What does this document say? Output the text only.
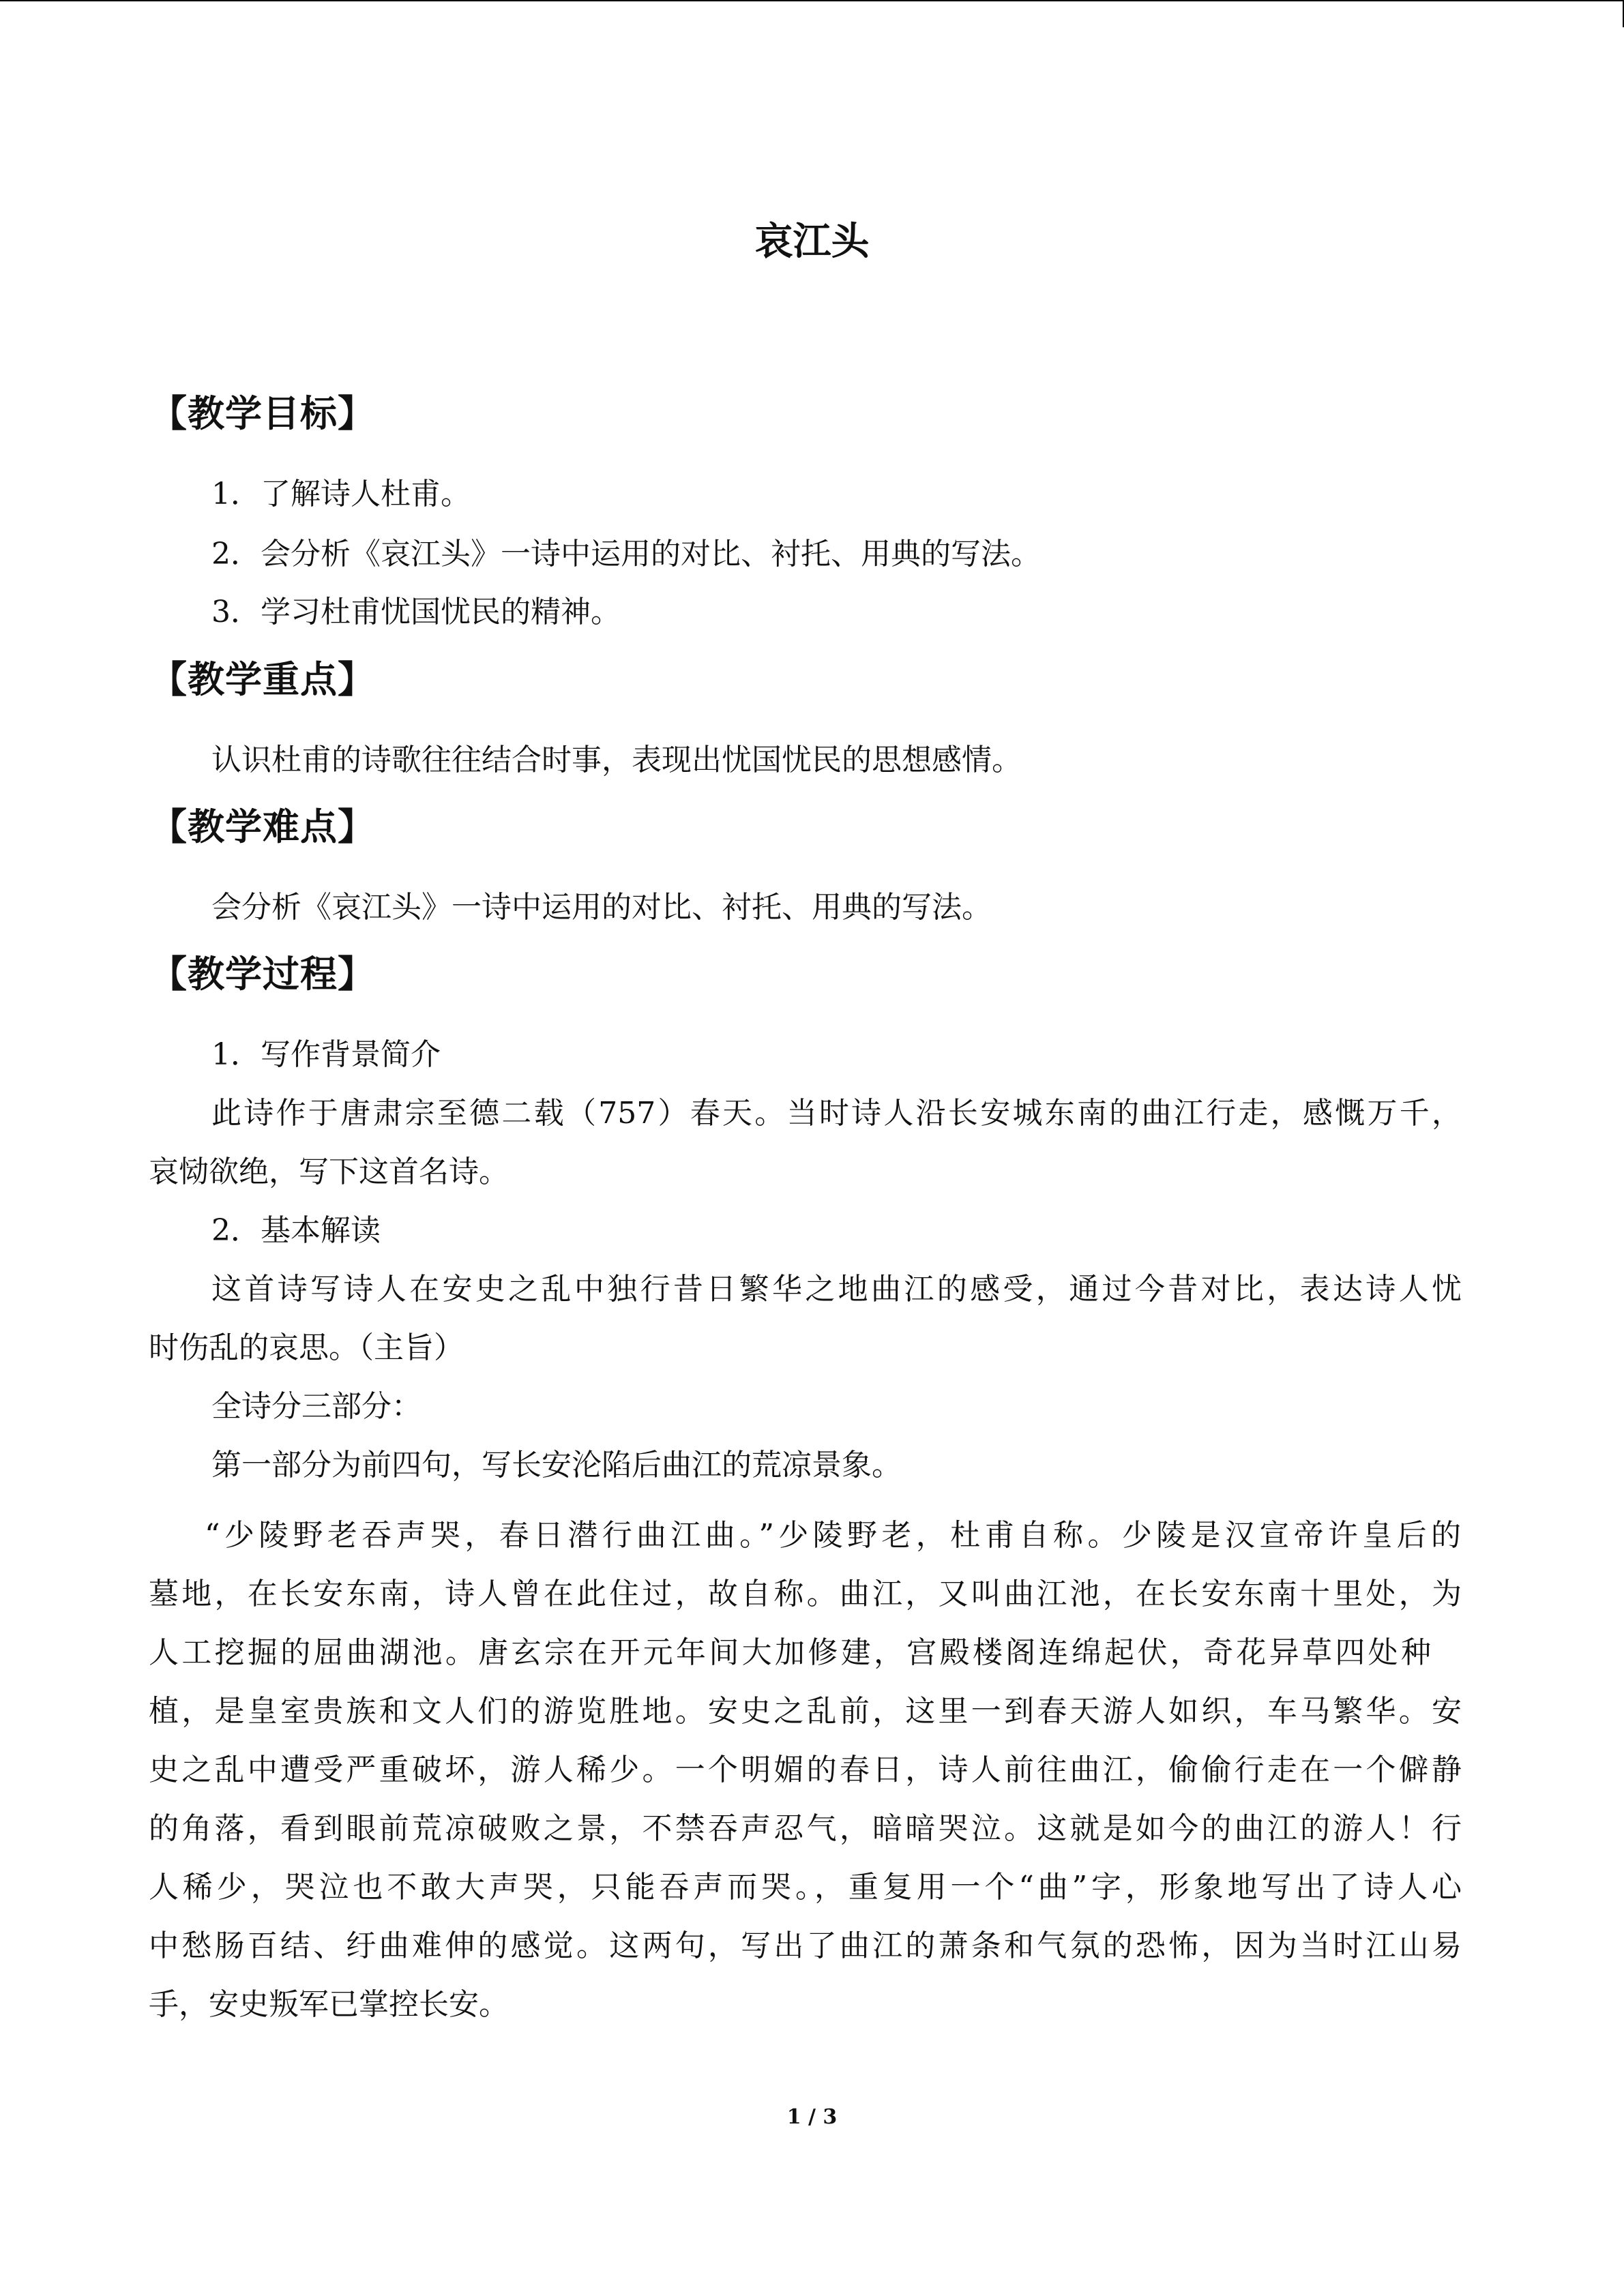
哀江头
【教学目标】
1．了解诗人杜甫。
2．会分析《哀江头》一诗中运用的对比、衬托、用典的写法。
3．学习杜甫忧国忧民的精神。
【教学重点】
认识杜甫的诗歌往往结合时事，表现出忧国忧民的思想感情。
【教学难点】
会分析《哀江头》一诗中运用的对比、衬托、用典的写法。
【教学过程】
1．写作背景简介
此诗作于唐肃宗至德二载（757）春天。当时诗人沿长安城东南的曲江行走，感慨万千，
哀恸欲绝，写下这首名诗。
2．基本解读
这首诗写诗人在安史之乱中独行昔日繁华之地曲江的感受，通过今昔对比，表达诗人忧
时伤乱的哀思。（主旨）
全诗分三部分：
第一部分为前四句，写长安沦陷后曲江的荒凉景象。
“少陵野老吞声哭，春日潜行曲江曲。”少陵野老，杜甫自称。少陵是汉宣帝许皇后的
墓地，在长安东南，诗人曾在此住过，故自称。曲江，又叫曲江池，在长安东南十里处，为
人工挖掘的屈曲湖池。唐玄宗在开元年间大加修建，宫殿楼阁连绵起伏，奇花异草四处种
植，是皇室贵族和文人们的游览胜地。安史之乱前，这里一到春天游人如织，车马繁华。安
史之乱中遭受严重破坏，游人稀少。一个明媚的春日，诗人前往曲江，偷偷行走在一个僻静
的角落，看到眼前荒凉破败之景，不禁吞声忍气，暗暗哭泣。这就是如今的曲江的游人！行
人稀少，哭泣也不敢大声哭，只能吞声而哭。，重复用一个“曲”字，形象地写出了诗人心
中愁肠百结、纡曲难伸的感觉。这两句，写出了曲江的萧条和气氛的恐怖，因为当时江山易
手，安史叛军已掌控长安。
1 / 3
